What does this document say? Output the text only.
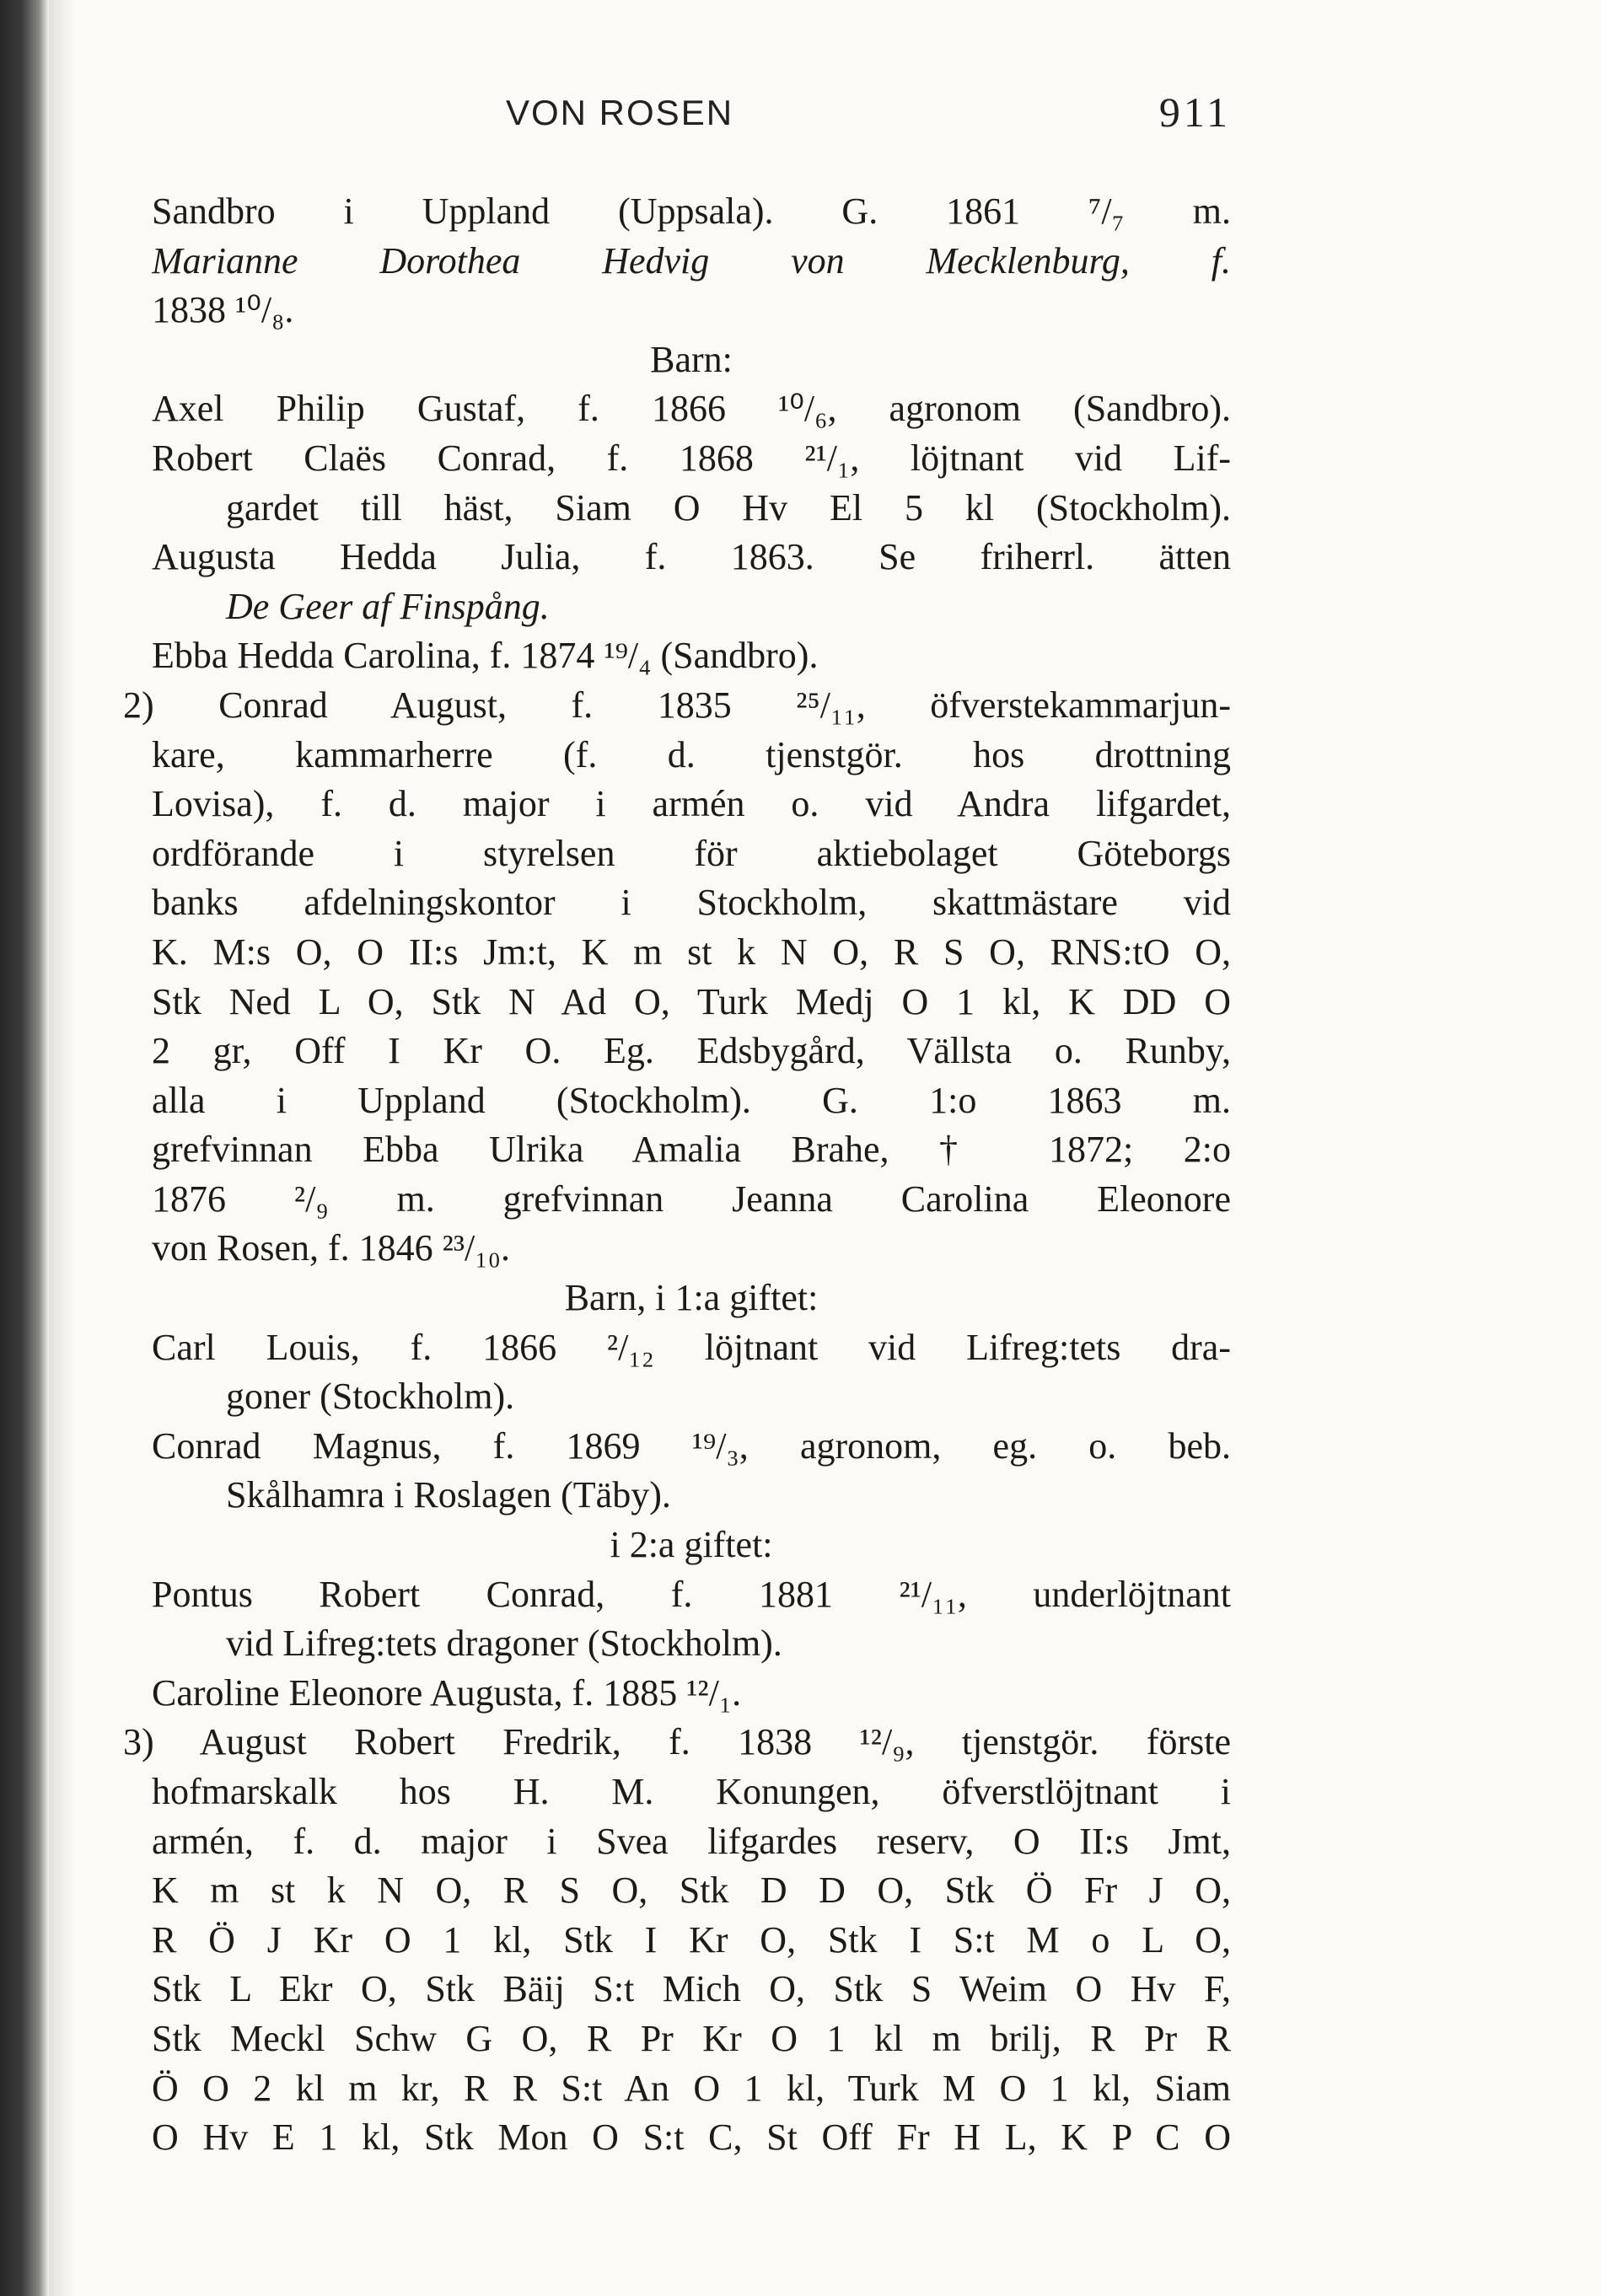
VON ROSEN	911
Sandbro i Uppland (Uppsala). G. 1861 ⁷/₇ m.
Marianne Dorothea Hedvig von Mecklenburg, f.
1838 ¹⁰/₈.
Barn:
Axel Philip Gustaf, f. 1866 ¹⁰/₆, agronom (Sandbro).
Robert Claës Conrad, f. 1868 ²¹/₁, löjtnant vid Lif-
gardet till häst, Siam O Hv El 5 kl (Stockholm).
Augusta Hedda Julia, f. 1863. Se friherrl. ätten
De Geer af Finspång.
Ebba Hedda Carolina, f. 1874 ¹⁹/₄ (Sandbro).
2) Conrad August, f. 1835 ²⁵/₁₁, öfverstekammarjun-
kare, kammarherre (f. d. tjenstgör. hos drottning
Lovisa), f. d. major i armén o. vid Andra lifgardet,
ordförande i styrelsen för aktiebolaget Göteborgs
banks afdelningskontor i Stockholm, skattmästare vid
K. M:s O, O II:s Jm:t, K m st k N O, R S O, RNS:tO O,
Stk Ned L O, Stk N Ad O, Turk Medj O 1 kl, K DD O
2 gr, Off I Kr O. Eg. Edsbygård, Vällsta o. Runby,
alla i Uppland (Stockholm). G. 1:o 1863 m.
grefvinnan Ebba Ulrika Amalia Brahe, † 1872; 2:o
1876 ²/₉ m. grefvinnan Jeanna Carolina Eleonore
von Rosen, f. 1846 ²³/₁₀.
Barn, i 1:a giftet:
Carl Louis, f. 1866 ²/₁₂ löjtnant vid Lifreg:tets dra-
goner (Stockholm).
Conrad Magnus, f. 1869 ¹⁹/₃, agronom, eg. o. beb.
Skålhamra i Roslagen (Täby).
i 2:a giftet:
Pontus Robert Conrad, f. 1881 ²¹/₁₁, underlöjtnant
vid Lifreg:tets dragoner (Stockholm).
Caroline Eleonore Augusta, f. 1885 ¹²/₁.
3) August Robert Fredrik, f. 1838 ¹²/₉, tjenstgör. förste
hofmarskalk hos H. M. Konungen, öfverstlöjtnant i
armén, f. d. major i Svea lifgardes reserv, O II:s Jmt,
K m st k N O, R S O, Stk D D O, Stk Ö Fr J O,
R Ö J Kr O 1 kl, Stk I Kr O, Stk I S:t M o L O,
Stk L Ekr O, Stk Bäij S:t Mich O, Stk S Weim O Hv F,
Stk Meckl Schw G O, R Pr Kr O 1 kl m brilj, R Pr R
Ö O 2 kl m kr, R R S:t An O 1 kl, Turk M O 1 kl, Siam
O Hv E 1 kl, Stk Mon O S:t C, St Off Fr H L, K P C O
